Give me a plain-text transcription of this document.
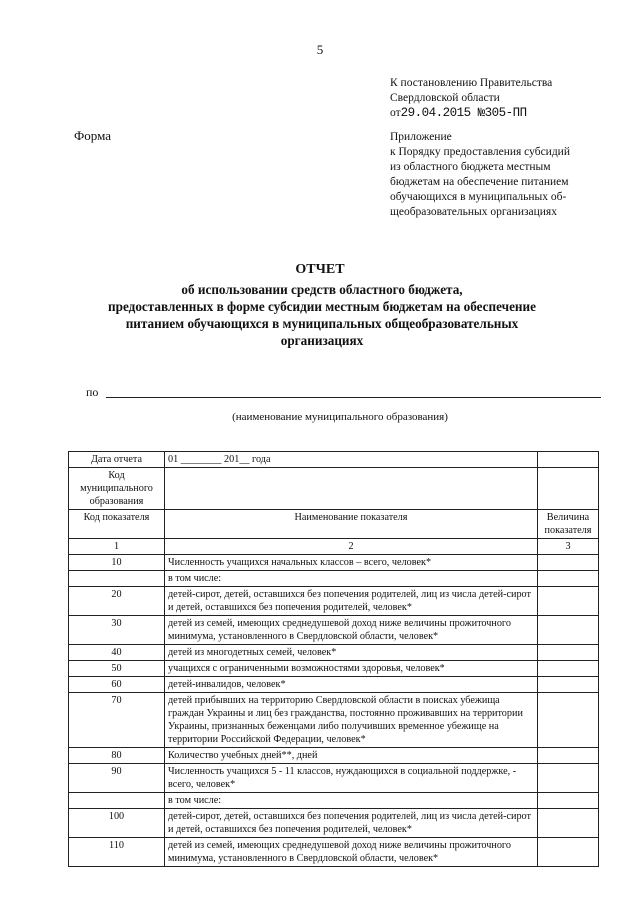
5
К постановлению Правительства
Свердловской области
от29.04.2015 №305-ПП
Форма	Приложение
к Порядку предоставления субсидий
из областного бюджета местным
бюджетам на обеспечение питанием
обучающихся в муниципальных об-
щеобразовательных организациях
ОТЧЕТ
об использовании средств областного бюджета,
предоставленных в форме субсидии местным бюджетам на обеспечение
питанием обучающихся в муниципальных общеобразовательных
организациях
по
(наименование муниципального образования)
Дата отчета	01 ________ 201__ года	
Код муниципального образования		
Код показателя	Наименование показателя	Величина показателя
1	2	3
10	Численность учащихся начальных классов – всего, человек*	
	в том числе:	
20	детей-сирот, детей, оставшихся без попечения родителей, лиц из числа детей-сирот и детей, оставшихся без попечения родителей, человек*	
30	детей из семей, имеющих среднедушевой доход ниже величины прожиточного минимума, установленного в Свердловской области, человек*	
40	детей из многодетных семей, человек*	
50	учащихся с ограниченными возможностями здоровья, человек*	
60	детей-инвалидов, человек*	
70	детей прибывших на территорию Свердловской области в поисках убежища граждан Украины и лиц без гражданства, постоянно проживавших на территории Украины, признанных беженцами либо получивших временное убежище на территории Российской Федерации, человек*	
80	Количество учебных дней**, дней	
90	Численность учащихся 5 - 11 классов, нуждающихся в социальной поддержке, - всего, человек*	
	в том числе:	
100	детей-сирот, детей, оставшихся без попечения родителей, лиц из числа детей-сирот и детей, оставшихся без попечения родителей, человек*	
110	детей из семей, имеющих среднедушевой доход ниже величины прожиточного минимума, установленного в Свердловской области, человек*	
